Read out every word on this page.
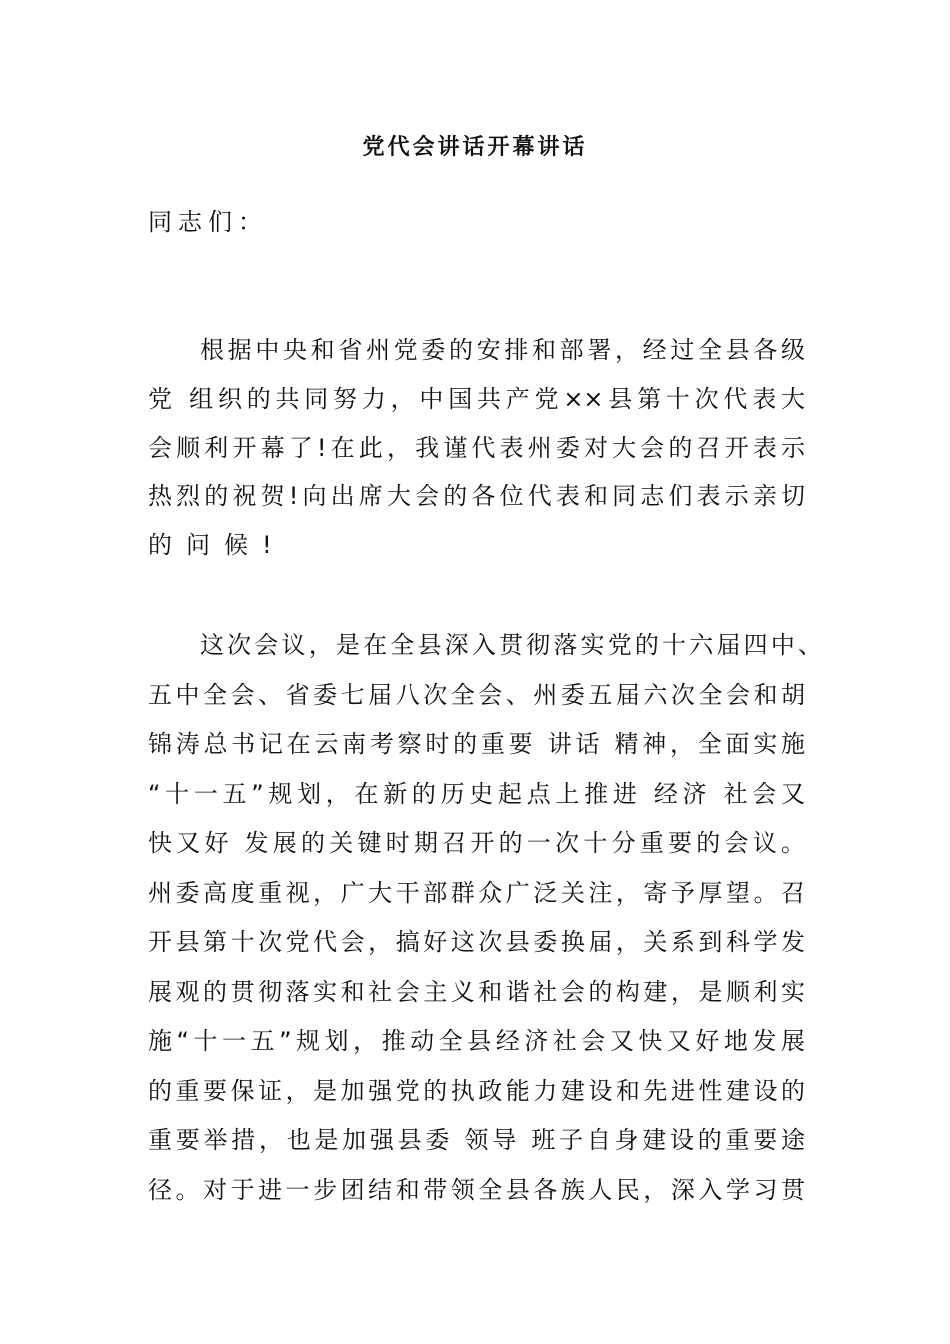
党代会讲话开幕讲话
同志们：
根据中央和省州党委的安排和部署，经过全县各级
党 组织的共同努力，中国共产党××县第十次代表大
会顺利开幕了!在此，我谨代表州委对大会的召开表示
热烈的祝贺!向出席大会的各位代表和同志们表示亲切
的问候!
这次会议，是在全县深入贯彻落实党的十六届四中、
五中全会、省委七届八次全会、州委五届六次全会和胡
锦涛总书记在云南考察时的重要 讲话 精神，全面实施
“十一五”规划，在新的历史起点上推进 经济 社会又
快又好 发展的关键时期召开的一次十分重要的会议。
州委高度重视，广大干部群众广泛关注，寄予厚望。召
开县第十次党代会，搞好这次县委换届，关系到科学发
展观的贯彻落实和社会主义和谐社会的构建，是顺利实
施“十一五”规划，推动全县经济社会又快又好地发展
的重要保证，是加强党的执政能力建设和先进性建设的
重要举措，也是加强县委 领导 班子自身建设的重要途
径。对于进一步团结和带领全县各族人民，深入学习贯
